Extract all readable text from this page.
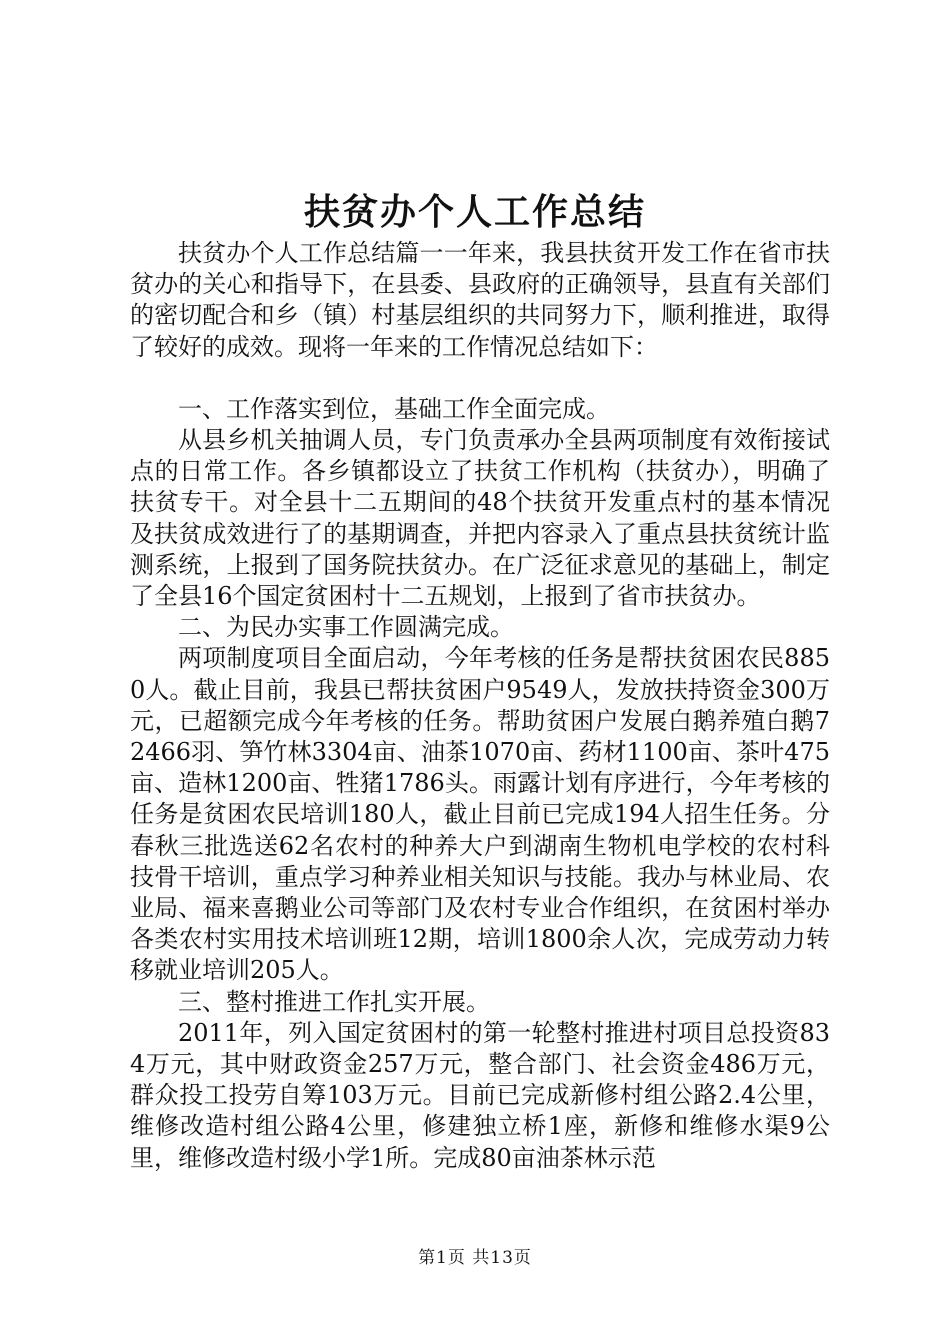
扶贫办个人工作总结

扶贫办个人工作总结篇一一年来，我县扶贫开发工作在省市扶贫办的关心和指导下，在县委、县政府的正确领导，县直有关部们的密切配合和乡（镇）村基层组织的共同努力下，顺利推进，取得了较好的成效。现将一年来的工作情况总结如下：

一、工作落实到位，基础工作全面完成。

从县乡机关抽调人员，专门负责承办全县两项制度有效衔接试点的日常工作。各乡镇都设立了扶贫工作机构（扶贫办），明确了扶贫专干。对全县十二五期间的48个扶贫开发重点村的基本情况及扶贫成效进行了的基期调查，并把内容录入了重点县扶贫统计监测系统，上报到了国务院扶贫办。在广泛征求意见的基础上，制定了全县16个国定贫困村十二五规划，上报到了省市扶贫办。

二、为民办实事工作圆满完成。

两项制度项目全面启动，今年考核的任务是帮扶贫困农民8850人。截止目前，我县已帮扶贫困户9549人，发放扶持资金300万元，已超额完成今年考核的任务。帮助贫困户发展白鹅养殖白鹅72466羽、笋竹林3304亩、油茶1070亩、药材1100亩、茶叶475亩、造林1200亩、牲猪1786头。雨露计划有序进行，今年考核的任务是贫困农民培训180人，截止目前已完成194人招生任务。分春秋三批选送62名农村的种养大户到湖南生物机电学校的农村科技骨干培训，重点学习种养业相关知识与技能。我办与林业局、农业局、福来喜鹅业公司等部门及农村专业合作组织，在贫困村举办各类农村实用技术培训班12期，培训1800余人次，完成劳动力转移就业培训205人。

三、整村推进工作扎实开展。

2011年，列入国定贫困村的第一轮整村推进村项目总投资834万元，其中财政资金257万元，整合部门、社会资金486万元，群众投工投劳自筹103万元。目前已完成新修村组公路2.4公里，维修改造村组公路4公里，修建独立桥1座，新修和维修水渠9公里，维修改造村级小学1所。完成80亩油茶林示范

第1页 共13页
